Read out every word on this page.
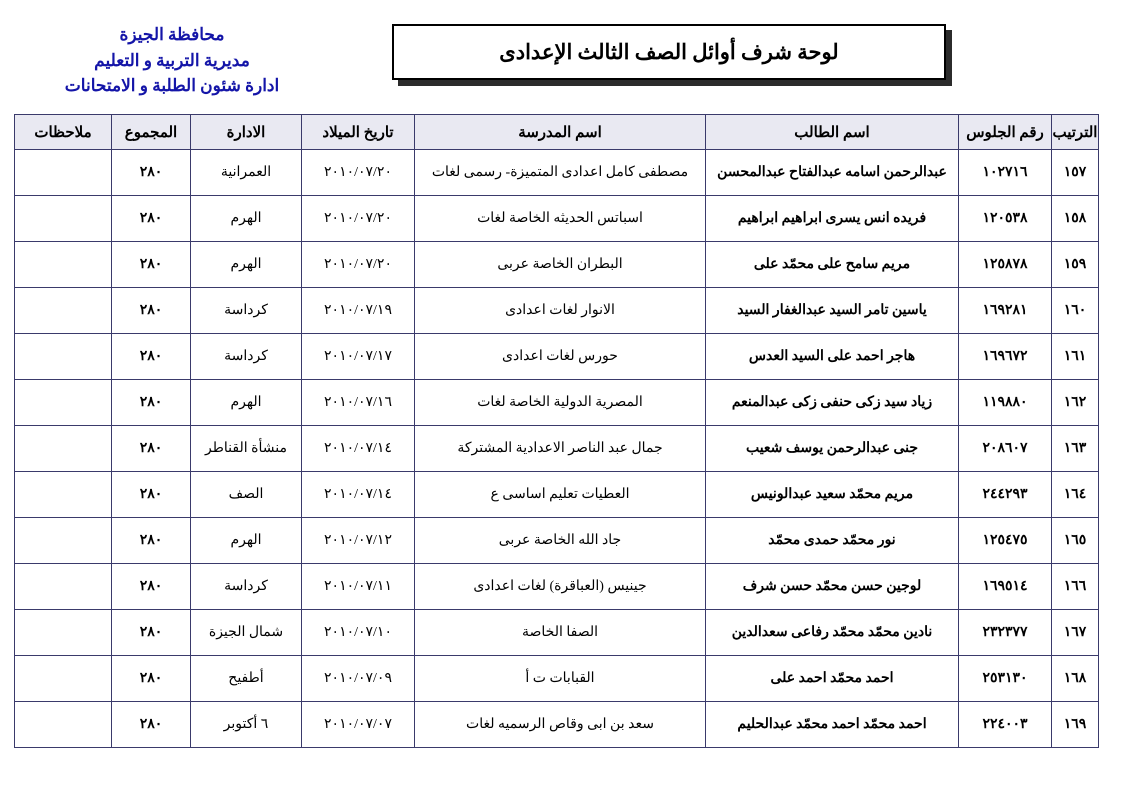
لوحة شرف أوائل الصف الثالث الإعدادى
محافظة الجيزة
مديرية التربية و التعليم
ادارة شئون الطلبة و الامتحانات
الترتيب	رقم الجلوس	اسم الطالب	اسم المدرسة	تاريخ الميلاد	الادارة	المجموع	ملاحظات
١٥٧	١٠٢٧١٦	عبدالرحمن اسامه عبدالفتاح عبدالمحسن	مصطفى كامل اعدادى المتميزة- رسمى لغات	٢٠١٠/٠٧/٢٠	العمرانية	٢٨٠	
١٥٨	١٢٠٥٣٨	فريده انس يسرى ابراهيم ابراهيم	اسباتس الحديثه الخاصة لغات	٢٠١٠/٠٧/٢٠	الهرم	٢٨٠	
١٥٩	١٢٥٨٧٨	مريم سامح على محمّد على	البطران الخاصة عربى	٢٠١٠/٠٧/٢٠	الهرم	٢٨٠	
١٦٠	١٦٩٢٨١	ياسين تامر السيد عبدالغفار السيد	الانوار لغات اعدادى	٢٠١٠/٠٧/١٩	كرداسة	٢٨٠	
١٦١	١٦٩٦٧٢	هاجر احمد على السيد العدس	حورس لغات اعدادى	٢٠١٠/٠٧/١٧	كرداسة	٢٨٠	
١٦٢	١١٩٨٨٠	زياد سيد زكى حنفى زكى عبدالمنعم	المصرية الدولية الخاصة لغات	٢٠١٠/٠٧/١٦	الهرم	٢٨٠	
١٦٣	٢٠٨٦٠٧	جنى عبدالرحمن يوسف شعيب	جمال عبد الناصر الاعدادية المشتركة	٢٠١٠/٠٧/١٤	منشأة القناطر	٢٨٠	
١٦٤	٢٤٤٢٩٣	مريم محمّد سعيد عبدالونيس	العطيات تعليم اساسى ع	٢٠١٠/٠٧/١٤	الصف	٢٨٠	
١٦٥	١٢٥٤٧٥	نور محمّد حمدى محمّد	جاد الله الخاصة عربى	٢٠١٠/٠٧/١٢	الهرم	٢٨٠	
١٦٦	١٦٩٥١٤	لوجين حسن محمّد حسن شرف	جينيس (العباقرة) لغات اعدادى	٢٠١٠/٠٧/١١	كرداسة	٢٨٠	
١٦٧	٢٣٢٣٧٧	نادين محمّد محمّد رفاعى سعدالدين	الصفا الخاصة	٢٠١٠/٠٧/١٠	شمال الجيزة	٢٨٠	
١٦٨	٢٥٣١٣٠	احمد محمّد احمد على	القبابات ت أ	٢٠١٠/٠٧/٠٩	أطفيح	٢٨٠	
١٦٩	٢٢٤٠٠٣	احمد محمّد احمد محمّد عبدالحليم	سعد بن ابى وقاص الرسميه لغات	٢٠١٠/٠٧/٠٧	٦ أكتوبر	٢٨٠	
